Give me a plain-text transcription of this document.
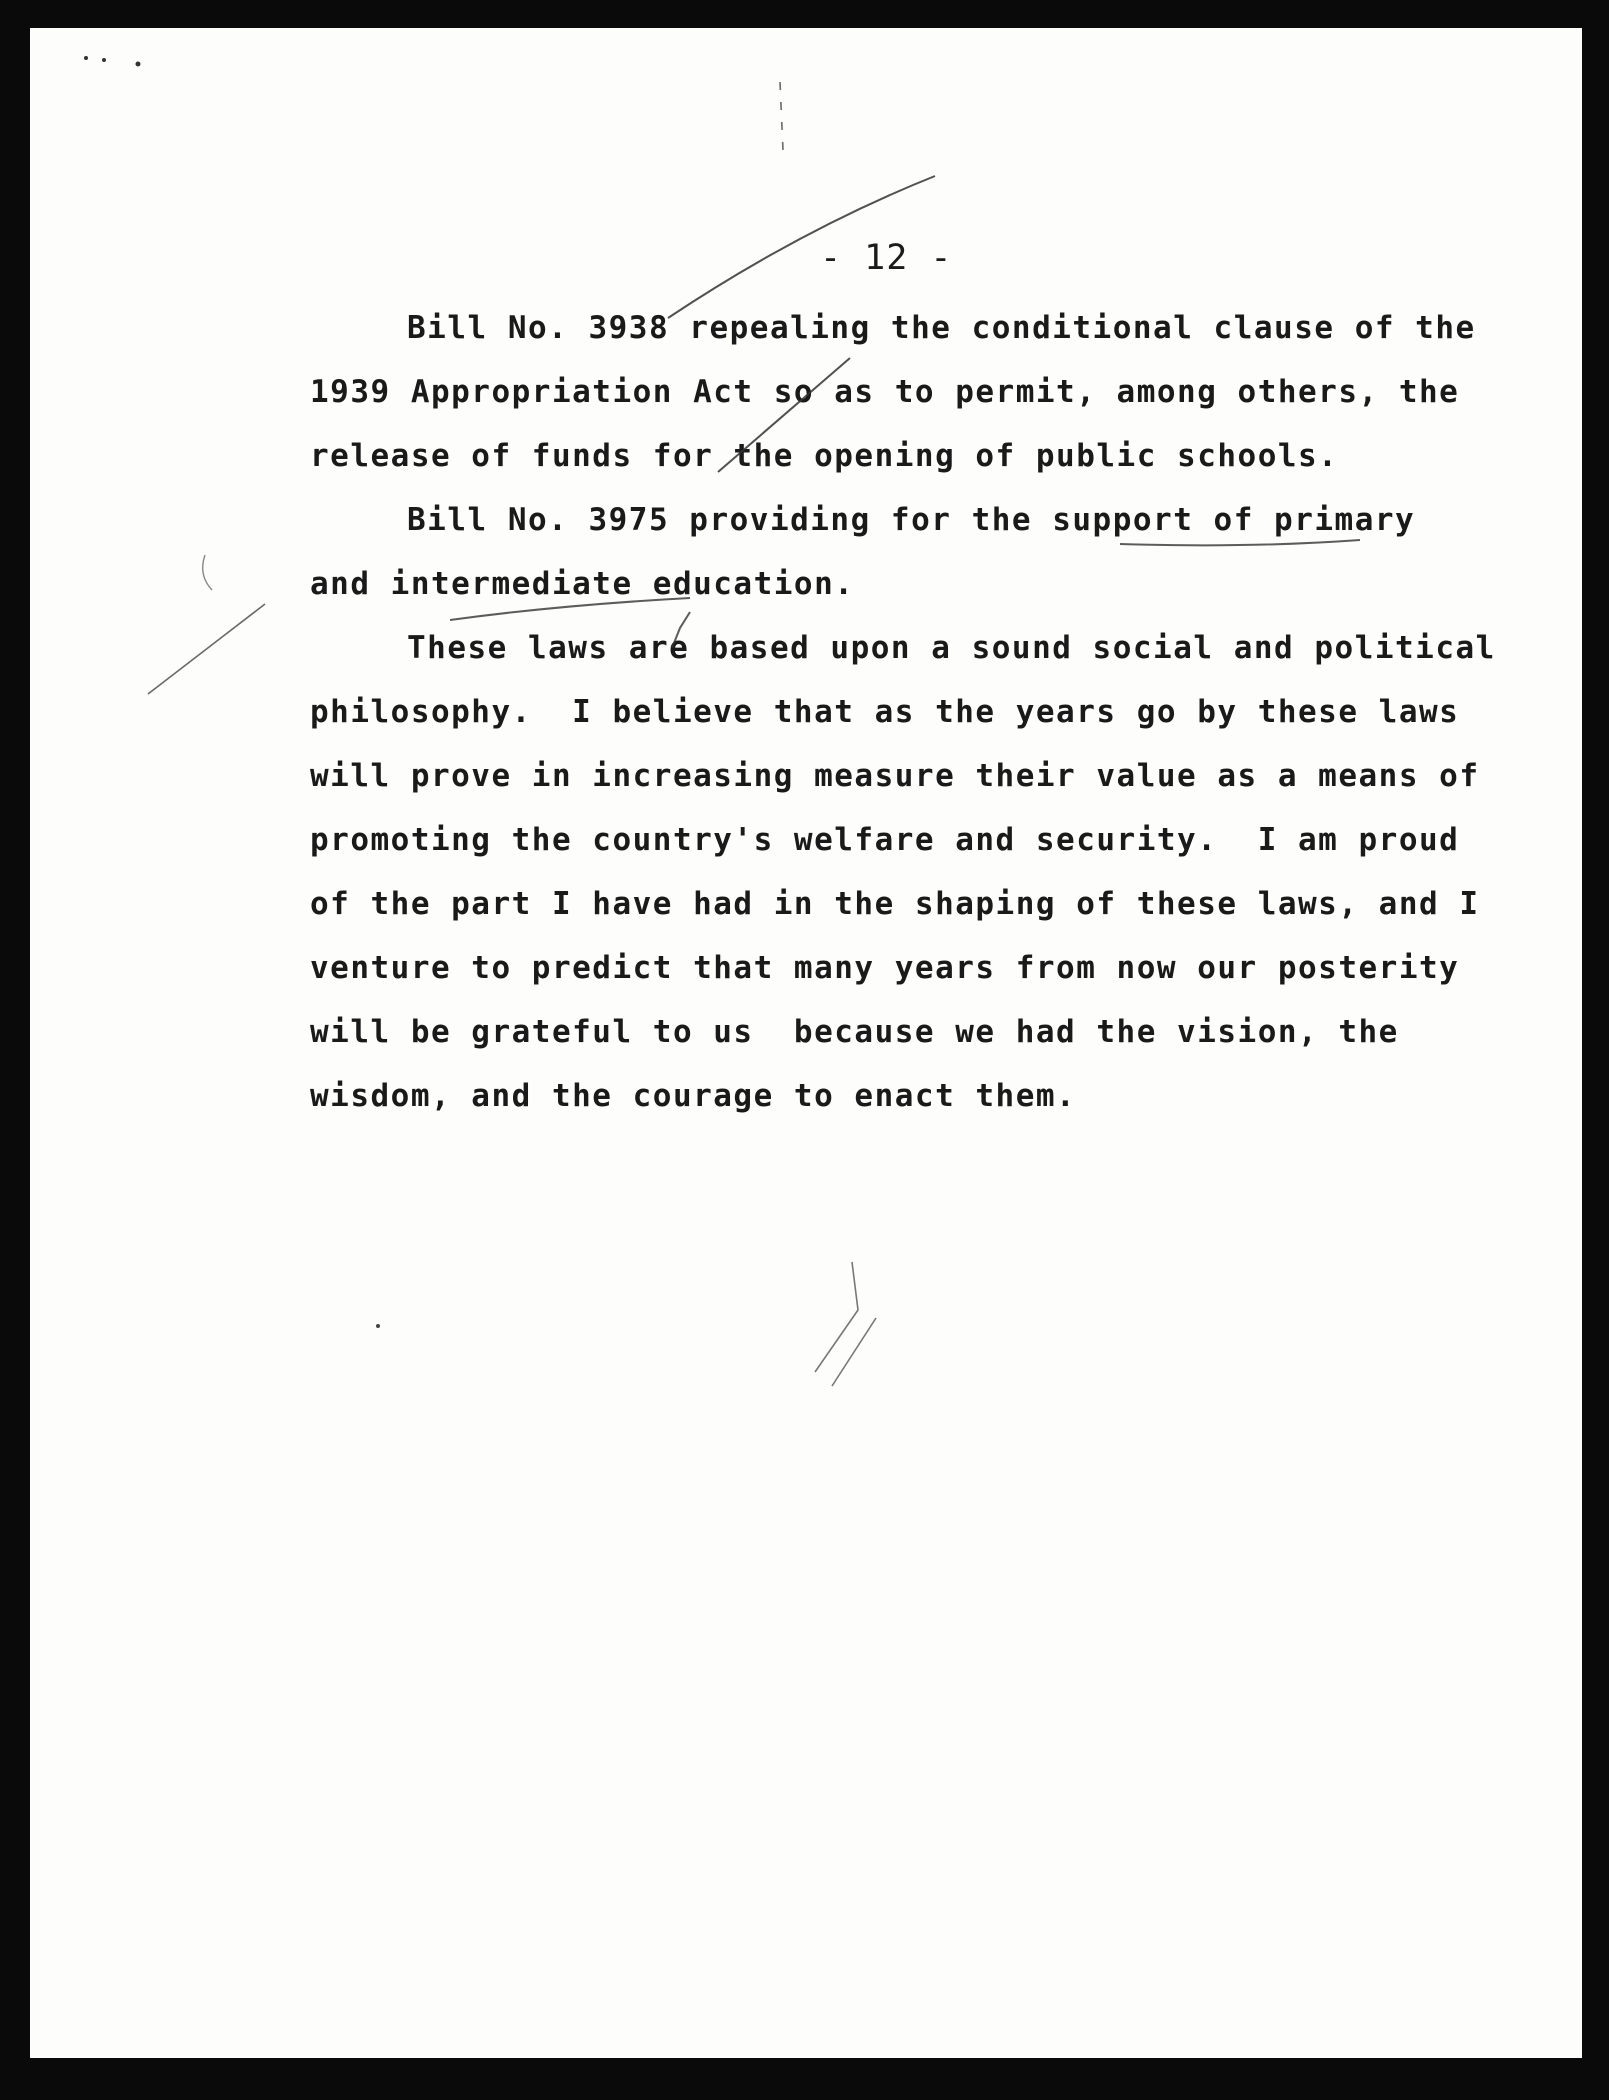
- 12 -
Bill No. 3938 repealing the conditional clause of the
1939 Appropriation Act so as to permit, among others, the
release of funds for the opening of public schools.
Bill No. 3975 providing for the support of primary
and intermediate education.
These laws are based upon a sound social and political
philosophy.  I believe that as the years go by these laws
will prove in increasing measure their value as a means of
promoting the country's welfare and security.  I am proud
of the part I have had in the shaping of these laws, and I
venture to predict that many years from now our posterity
will be grateful to us  because we had the vision, the
wisdom, and the courage to enact them.
